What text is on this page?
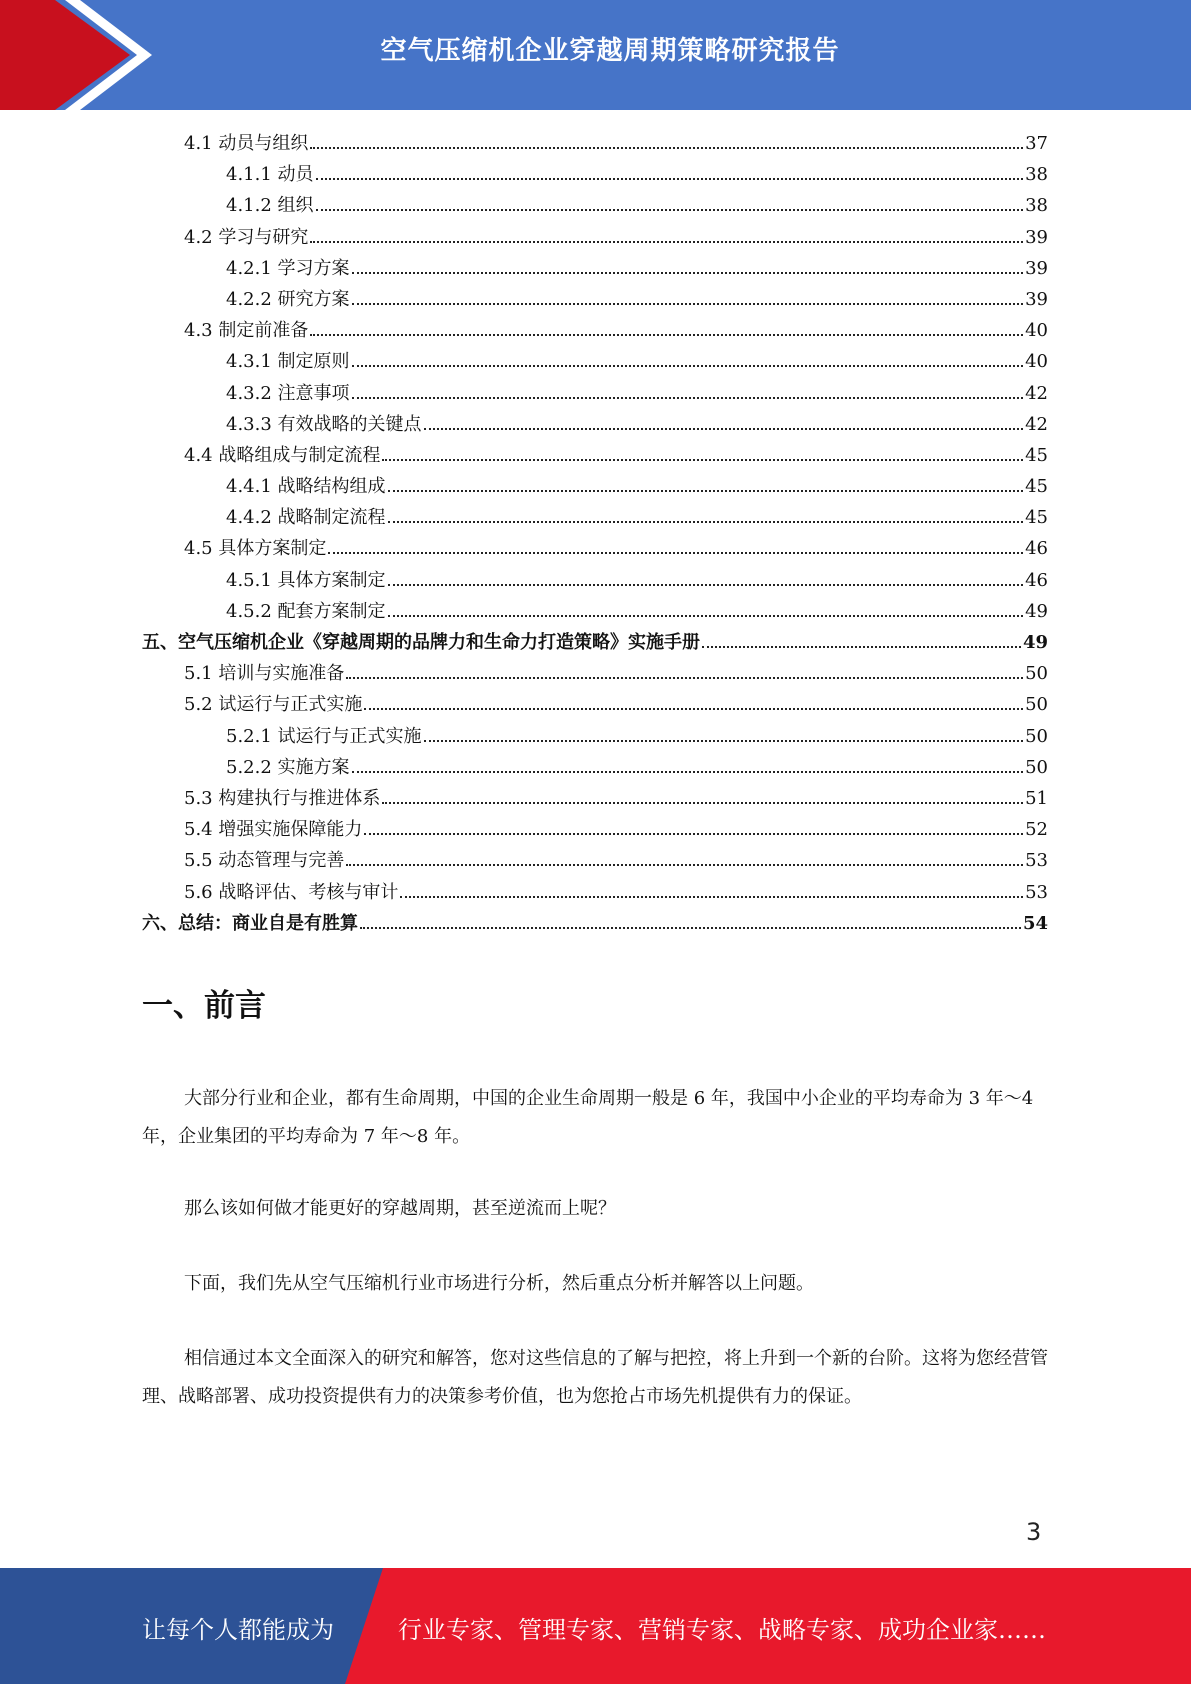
空气压缩机企业穿越周期策略研究报告
4.1 动员与组织	37
4.1.1 动员	38
4.1.2 组织	38
4.2 学习与研究	39
4.2.1 学习方案	39
4.2.2 研究方案	39
4.3 制定前准备	40
4.3.1 制定原则	40
4.3.2 注意事项	42
4.3.3 有效战略的关键点	42
4.4 战略组成与制定流程	45
4.4.1 战略结构组成	45
4.4.2 战略制定流程	45
4.5 具体方案制定	46
4.5.1 具体方案制定	46
4.5.2 配套方案制定	49
五、空气压缩机企业《穿越周期的品牌力和生命力打造策略》实施手册	49
5.1 培训与实施准备	50
5.2 试运行与正式实施	50
5.2.1 试运行与正式实施	50
5.2.2 实施方案	50
5.3 构建执行与推进体系	51
5.4 增强实施保障能力	52
5.5 动态管理与完善	53
5.6 战略评估、考核与审计	53
六、总结：商业自是有胜算	54
一、前言

大部分行业和企业，都有生命周期，中国的企业生命周期一般是 6 年，我国中小企业的平均寿命为 3 年～4 年，企业集团的平均寿命为 7 年～8 年。

那么该如何做才能更好的穿越周期，甚至逆流而上呢？

下面，我们先从空气压缩机行业市场进行分析，然后重点分析并解答以上问题。

相信通过本文全面深入的研究和解答，您对这些信息的了解与把控，将上升到一个新的台阶。这将为您经营管理、战略部署、成功投资提供有力的决策参考价值，也为您抢占市场先机提供有力的保证。

3
让每个人都能成为	行业专家、管理专家、营销专家、战略专家、成功企业家……
